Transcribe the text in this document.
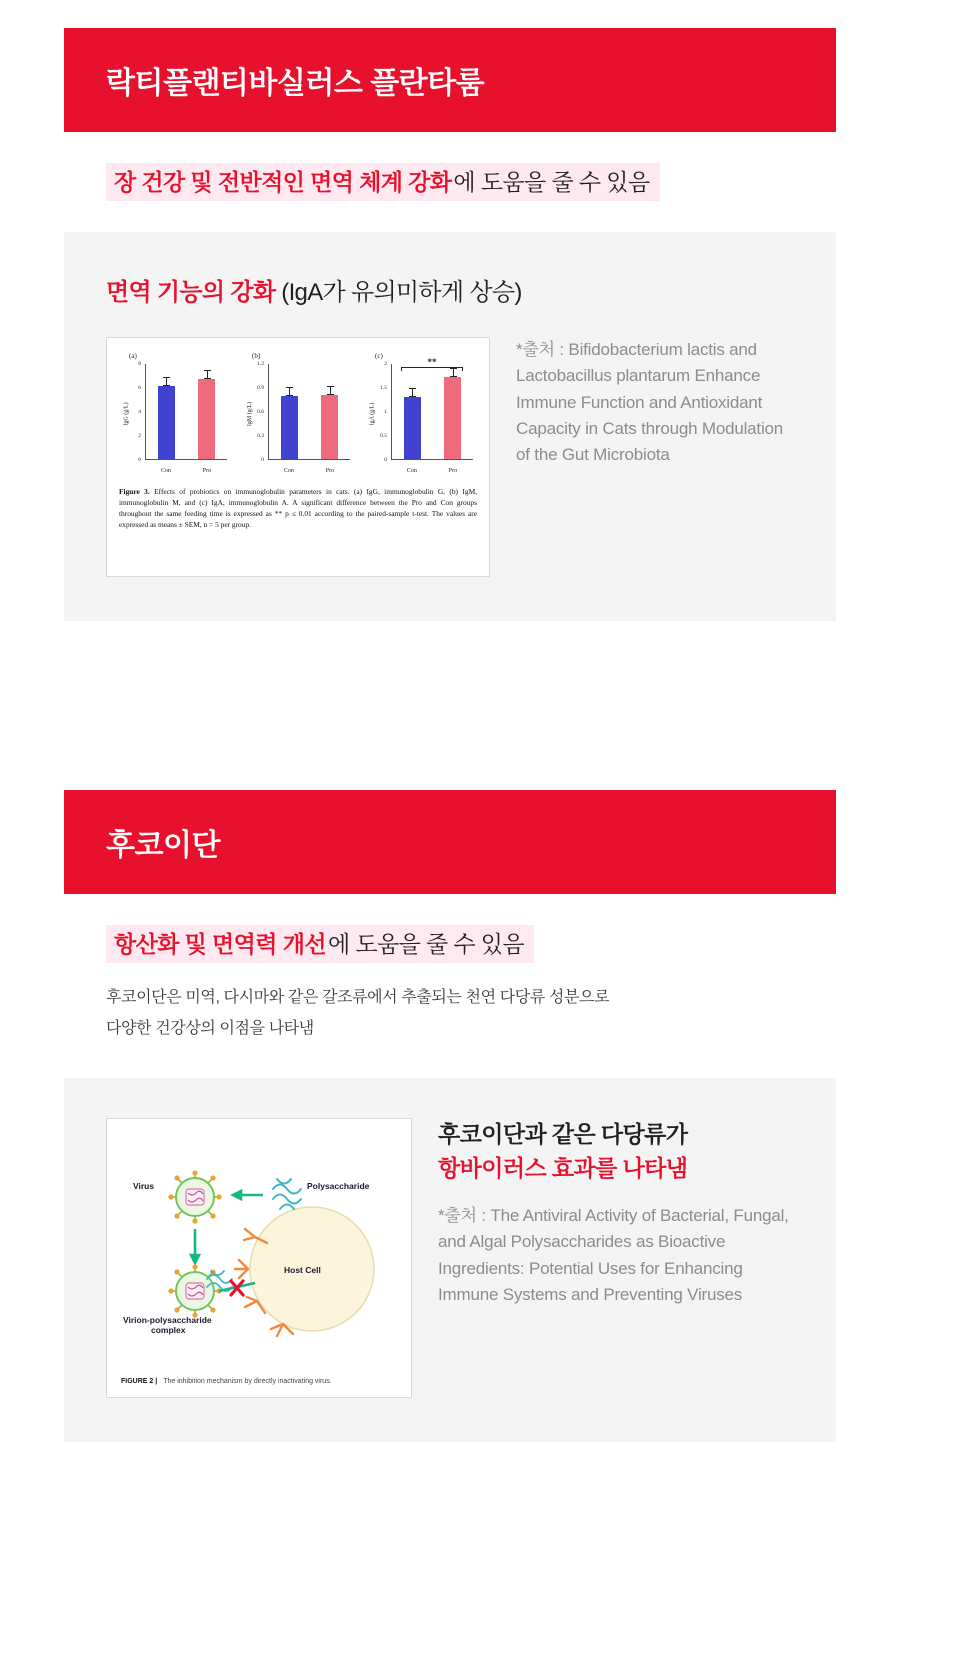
락티플랜티바실러스 플란타룸
장 건강 및 전반적인 면역 체계 강화에 도움을 줄 수 있음
면역 기능의 강화 (IgA가 유의미하게 상승)
(a)
IgG (g/L)
8
6
4
2
0
Con	Pro
(b)
IgM (g/L)
1.2
0.9
0.6
0.3
0
Con	Pro
(c)
**
IgA (g/L)
2
1.5
1
0.5
0
Con	Pro
Figure 3. Effects of probiotics on immunoglobulin parameters in cats. (a) IgG, immunoglobulin G, (b) IgM, immunoglobulin M, and (c) IgA, immunoglobulin A. A significant difference between the Pro and Con groups throughout the same feeding time is expressed as ** p ≤ 0.01 according to the paired-sample t-test. The values are expressed as means ± SEM, n = 5 per group.
*출처 : Bifidobacterium lactis and Lactobacillus plantarum Enhance Immune Function and Antioxidant Capacity in Cats through Modulation of the Gut Microbiota
후코이단
항산화 및 면역력 개선에 도움을 줄 수 있음
후코이단은 미역, 다시마와 같은 갈조류에서 추출되는 천연 다당류 성분으로
다양한 건강상의 이점을 나타냄
Virus	Polysaccharide
Host Cell
Virion-polysaccharide
complex
FIGURE 2 | The inhibition mechanism by directly inactivating virus.
후코이단과 같은 다당류가
항바이러스 효과를 나타냄
*출처 : The Antiviral Activity of Bacterial, Fungal, and Algal Polysaccharides as Bioactive Ingredients: Potential Uses for Enhancing Immune Systems and Preventing Viruses
